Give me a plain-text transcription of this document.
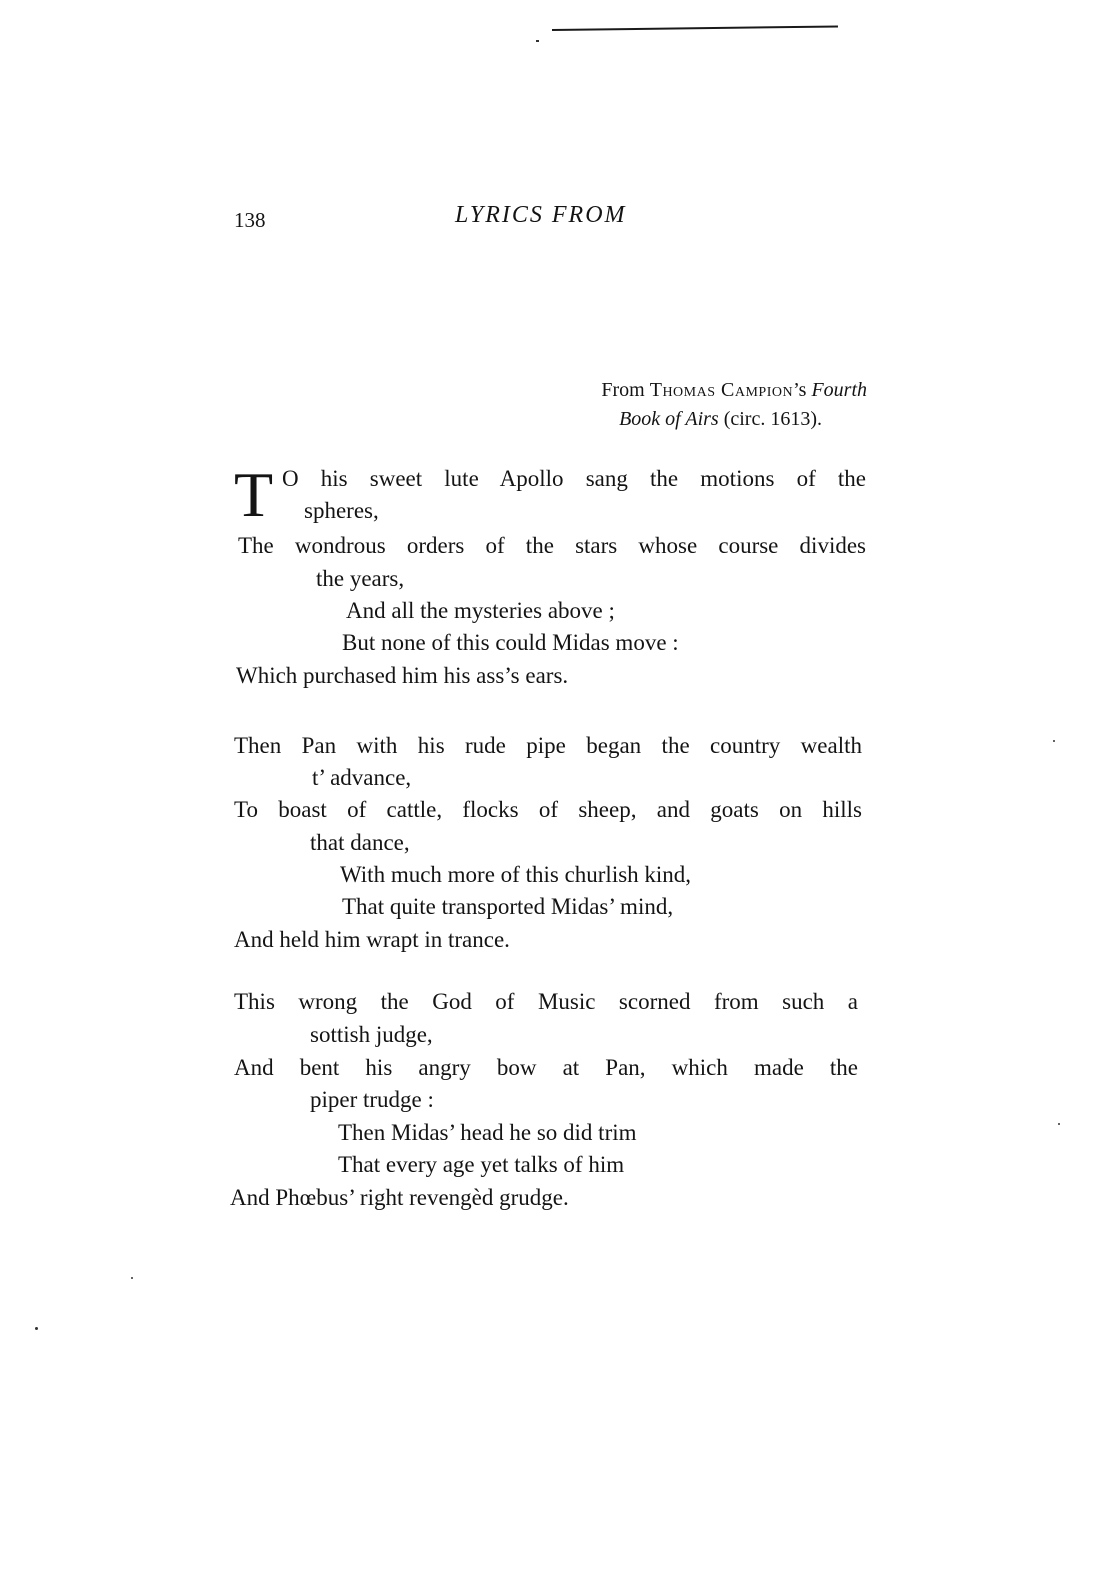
138	LYRICS FROM
From Thomas Campion’s Fourth
Book of Airs (circ. 1613).
T O his sweet lute Apollo sang the motions of the
spheres,
The wondrous orders of the stars whose course divides
the years,
And all the mysteries above ;
But none of this could Midas move :
Which purchased him his ass’s ears.
Then Pan with his rude pipe began the country wealth
t’ advance,
To boast of cattle, flocks of sheep, and goats on hills
that dance,
With much more of this churlish kind,
That quite transported Midas’ mind,
And held him wrapt in trance.
This wrong the God of Music scorned from such a
sottish judge,
And bent his angry bow at Pan, which made the
piper trudge :
Then Midas’ head he so did trim
That every age yet talks of him
And Phœbus’ right revengèd grudge.
